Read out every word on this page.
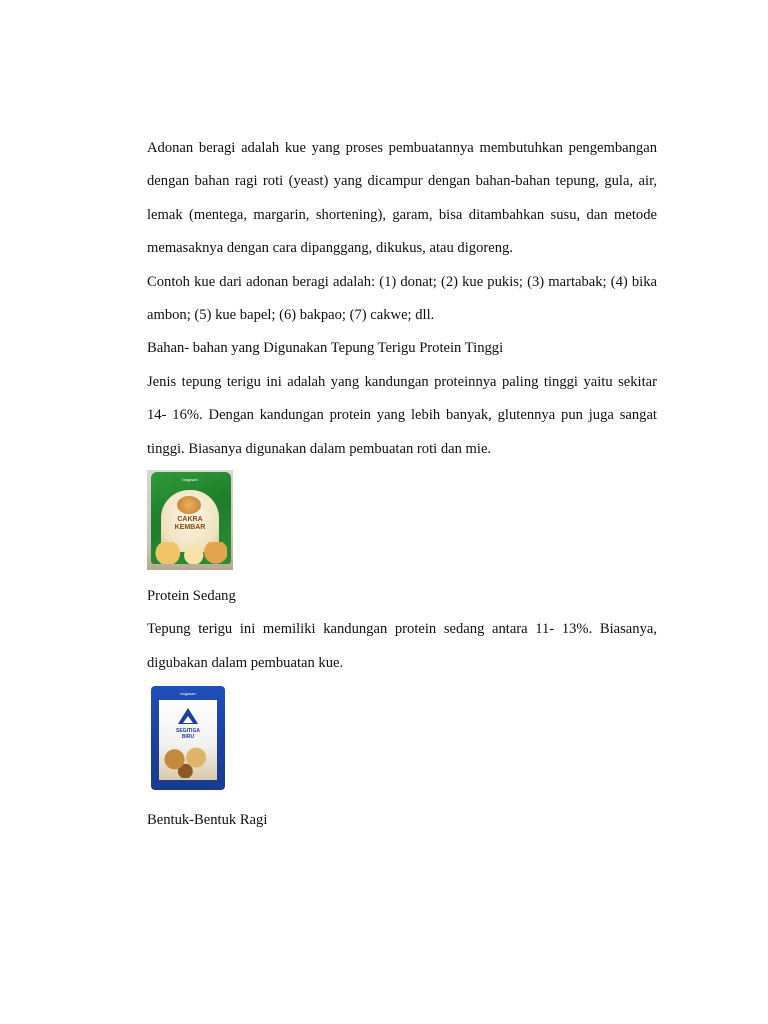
Adonan beragi adalah kue yang proses pembuatannya membutuhkan pengembangan dengan bahan ragi roti (yeast) yang dicampur dengan bahan-bahan tepung, gula, air, lemak (mentega, margarin, shortening), garam, bisa ditambahkan susu, dan metode memasaknya dengan cara dipanggang, dikukus, atau digoreng.

Contoh kue dari adonan beragi adalah: (1) donat; (2) kue pukis; (3) martabak; (4) bika ambon; (5) kue bapel; (6) bakpao; (7) cakwe; dll.

Bahan- bahan yang Digunakan Tepung Terigu Protein Tinggi

Jenis tepung terigu ini adalah yang kandungan proteinnya paling tinggi yaitu sekitar 14- 16%. Dengan kandungan protein yang lebih banyak, glutennya pun juga sangat tinggi. Biasanya digunakan dalam pembuatan roti dan mie.

bogasari
CAKRA
KEMBAR

Protein Sedang

Tepung terigu ini memiliki kandungan protein sedang antara 11- 13%. Biasanya, digubakan dalam pembuatan kue.

bogasari
SEGITIGA
BIRU

Bentuk-Bentuk Ragi
